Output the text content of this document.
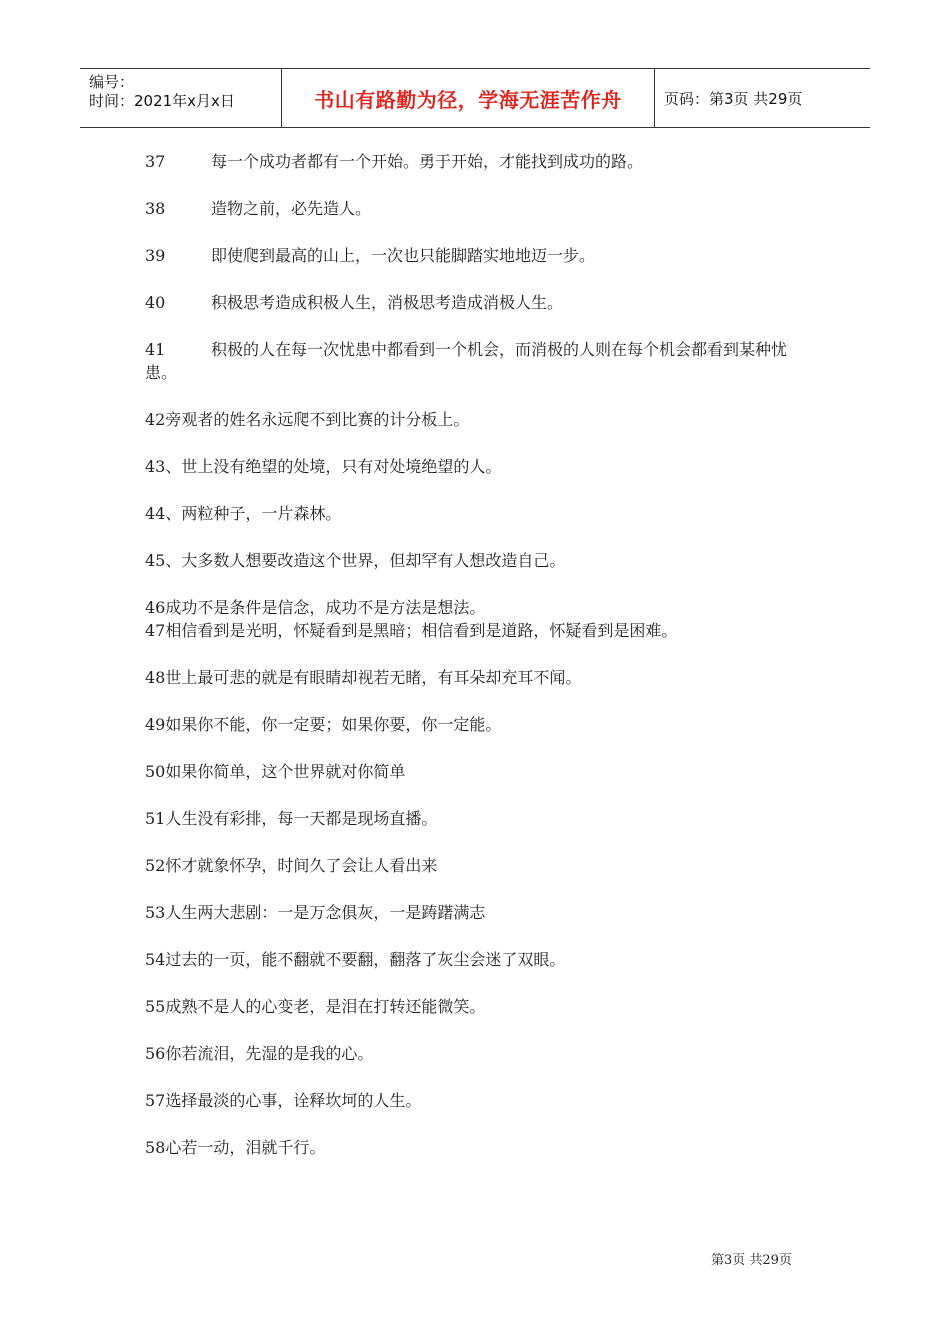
编号：
时间：2021年x月x日	书山有路勤为径，学海无涯苦作舟	页码：第3页 共29页
37	每一个成功者都有一个开始。勇于开始，才能找到成功的路。
38	造物之前，必先造人。
39	即使爬到最高的山上，一次也只能脚踏实地地迈一步。
40	积极思考造成积极人生，消极思考造成消极人生。
41	积极的人在每一次忧患中都看到一个机会，而消极的人则在每个机会都看到某种忧患。
42旁观者的姓名永远爬不到比赛的计分板上。
43、世上没有绝望的处境，只有对处境绝望的人。
44、两粒种子，一片森林。
45、大多数人想要改造这个世界，但却罕有人想改造自己。
46成功不是条件是信念，成功不是方法是想法。
47相信看到是光明，怀疑看到是黑暗；相信看到是道路，怀疑看到是困难。
48世上最可悲的就是有眼睛却视若无睹，有耳朵却充耳不闻。
49如果你不能，你一定要；如果你要，你一定能。
50如果你简单，这个世界就对你简单
51人生没有彩排，每一天都是现场直播。
52怀才就象怀孕，时间久了会让人看出来
53人生两大悲剧：一是万念俱灰，一是踌躇满志
54过去的一页，能不翻就不要翻，翻落了灰尘会迷了双眼。
55成熟不是人的心变老，是泪在打转还能微笑。
56你若流泪，先湿的是我的心。
57选择最淡的心事，诠释坎坷的人生。
58心若一动，泪就千行。
第3页 共29页
